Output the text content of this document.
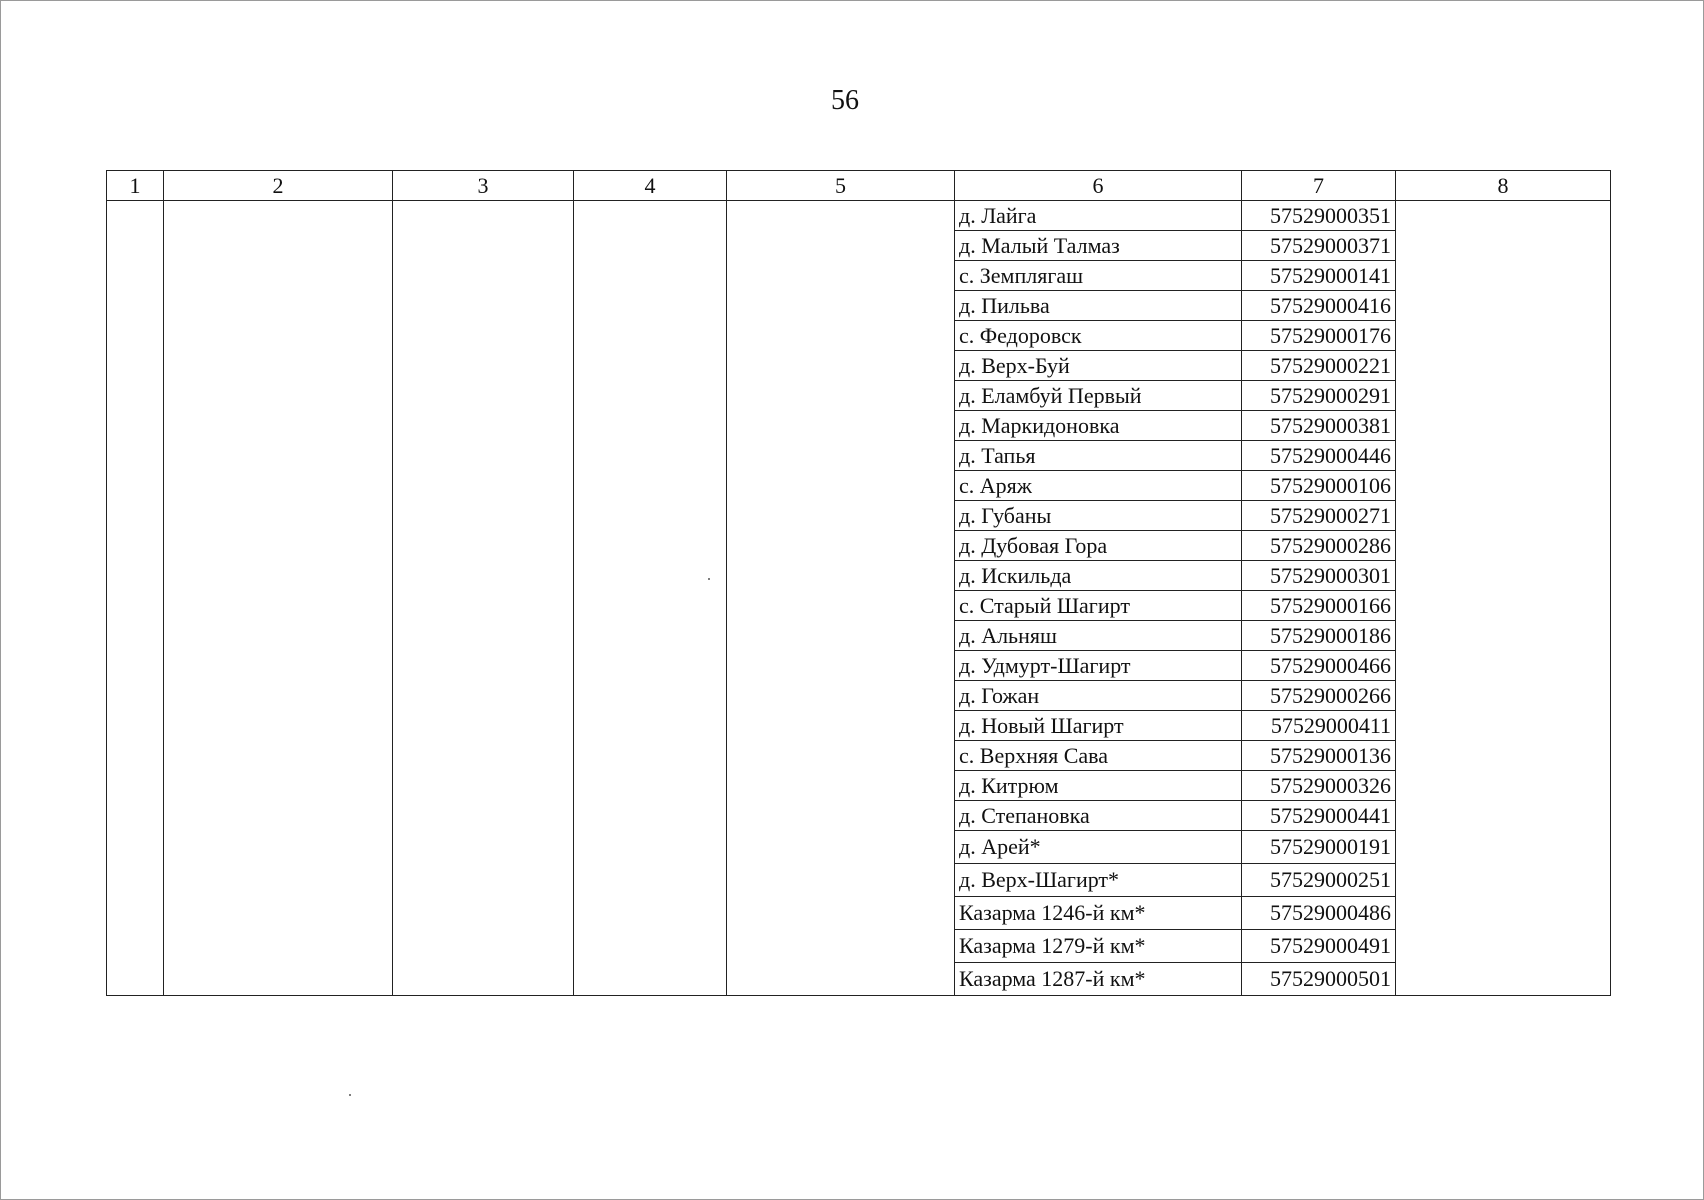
56
1	2	3	4	5	6	7	8
					д. Лайга	57529000351	
					д. Малый Талмаз	57529000371	
					с. Земплягаш	57529000141	
					д. Пильва	57529000416	
					с. Федоровск	57529000176	
					д. Верх-Буй	57529000221	
					д. Еламбуй Первый	57529000291	
					д. Маркидоновка	57529000381	
					д. Тапья	57529000446	
					с. Аряж	57529000106	
					д. Губаны	57529000271	
					д. Дубовая Гора	57529000286	
					д. Искильда	57529000301	
					с. Старый Шагирт	57529000166	
					д. Альняш	57529000186	
					д. Удмурт-Шагирт	57529000466	
					д. Гожан	57529000266	
					д. Новый Шагирт	57529000411	
					с. Верхняя Сава	57529000136	
					д. Китрюм	57529000326	
					д. Степановка	57529000441	
					д. Арей*	57529000191	
					д. Верх-Шагирт*	57529000251	
					Казарма 1246-й км*	57529000486	
					Казарма 1279-й км*	57529000491	
					Казарма 1287-й км*	57529000501	
